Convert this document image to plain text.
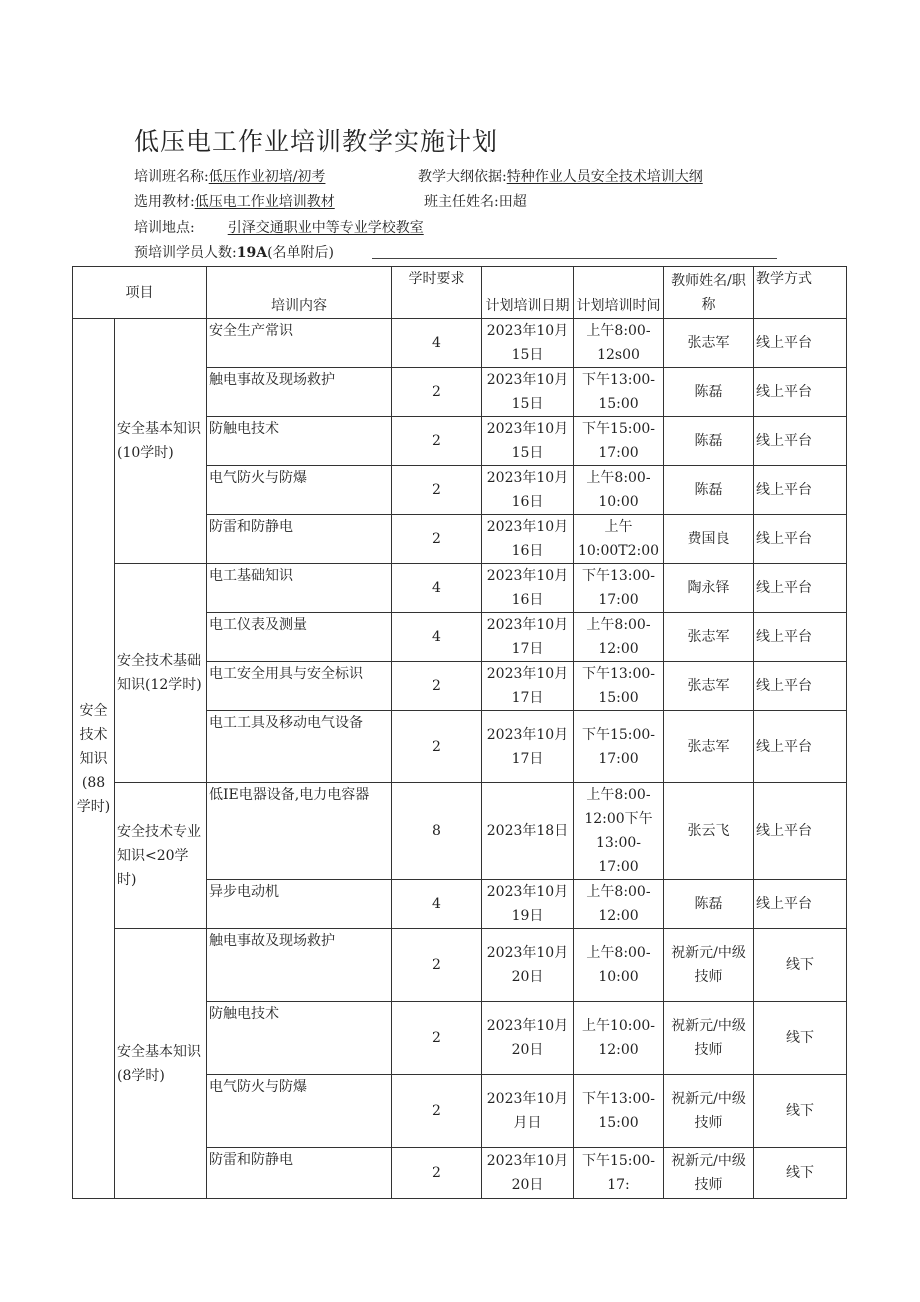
低压电工作业培训教学实施计划
培训班名称:低压作业初培/初考	教学大纲依据:特种作业人员安全技术培训大纲
选用教材:低压电工作业培训教材	班主任姓名:田超
培训地点: 引泽交通职业中等专业学校教室
预培训学员人数:19A(名单附后)
项目		培训内容	学时要求	计划培训日期	计划培训时间	教师姓名/职称	教学方式
安全技术知识(88学时)	安全基本知识(10学时)	安全生产常识	4	2023年10月15日	上午8:00-12s00	张志军	线上平台
		触电事故及现场救护	2	2023年10月15日	下午13:00-15:00	陈磊	线上平台
		防触电技术	2	2023年10月15日	下午15:00-17:00	陈磊	线上平台
		电气防火与防爆	2	2023年10月16日	上午8:00-10:00	陈磊	线上平台
		防雷和防静电	2	2023年10月16日	上午10:00T2:00	费国良	线上平台
	安全技术基础知识(12学时)	电工基础知识	4	2023年10月16日	下午13:00-17:00	陶永铎	线上平台
		电工仪表及测量	4	2023年10月17日	上午8:00-12:00	张志军	线上平台
		电工安全用具与安全标识	2	2023年10月17日	下午13:00-15:00	张志军	线上平台
		电工工具及移动电气设备	2	2023年10月17日	下午15:00-17:00	张志军	线上平台
	安全技术专业知识<20学时)	低IE电器设备,电力电容器	8	2023年18日	上午8:00-12:00下午13:00-17:00	张云飞	线上平台
		异步电动机	4	2023年10月19日	上午8:00-12:00	陈磊	线上平台
	安全基本知识(8学时)	触电事故及现场救护	2	2023年10月20日	上午8:00-10:00	祝新元/中级技师	线下
		防触电技术	2	2023年10月20日	上午10:00-12:00	祝新元/中级技师	线下
		电气防火与防爆	2	2023年10月月日	下午13:00-15:00	祝新元/中级技师	线下
		防雷和防静电	2	2023年10月20日	下午15:00-17:	祝新元/中级技师	线下
